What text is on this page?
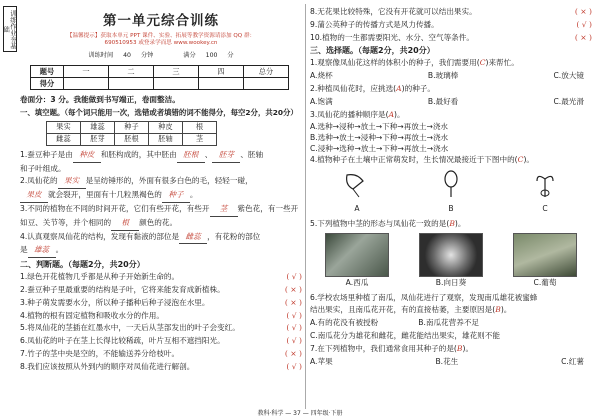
训练作业夯基础	第一单元综合训练
【温馨提示】获取本单元 PPT 课件、实验、拓展等教学资源请添加 QQ 群：
690510953 或登录学而思 www.wookey.cn
训练时间 40 分钟	满分 100 分
题号	一	二	三	四	总分
得分					
卷面分：3 分。我能做到书写端正，卷面整洁。
一、填空题。（每个词只能用一次，选错或者填错的词不能得分，每空2分，共20分）
果实	雄蕊	种子	种皮	根
雌蕊	胚芽	胚根	胚轴	茎
1.蚕豆种子是由 种皮 和胚构成的，其中胚由 胚根 、 胚芽 、胚轴
和子叶组成。
2.凤仙花的 果实 是呈纺锤形的，外面有很多白色的毛，轻轻一碰，
果皮 就会裂开，里面有十几粒黑褐色的 种子 。
3.不同的植物在不同的时间开花，它们有些开花，有些开 茎 紫色花，有一些开
如豆、关节等，并个相同的 根 颜色的花。
4.认真观察凤仙花的结构，发现有黏液的部位是 雌蕊 ，有花粉的部位
是 雄蕊 。
二、判断题。（每题2分，共20分）
1.绿色开花植物几乎都是从种子开始新生命的。	( √ )
2.蚕豆种子里最重要的结构是子叶，它将来能发育成新植株。	( × )
3.种子萌发需要水分，所以种子播种后种子浸泡在水里。	( × )
4.植物的根有固定植物和吸收水分的作用。	( √ )
5.将凤仙花的茎插在红墨水中，一天后从茎部发出的叶子会变红。	( √ )
6.凤仙花的叶子在茎上长得比较稀疏，叶片互相不遮挡阳光。	( √ )
7.竹子的茎中央是空的，不能输送养分给枝叶。	( × )
8.我们应该按照从外到内的顺序对凤仙花进行解剖。	( √ )
8.无花果比较特殊，它没有开花就可以结出果实。	( × )
9.蒲公英种子的传播方式是风力传播。	( √ )
10.植物的一生都需要阳光、水分、空气等条件。	( × )
三、选择题。（每题2分，共20分）
1.观察像凤仙花这样的体积小的种子，我们需要用(C)来帮忙。
A.烧杯	B.玻璃棒	C.放大镜
2.种植凤仙花时，应挑选(A)的种子。
A.饱满	B.最好看	C.最光滑
3.凤仙花的播种顺序是(A)。
A.选种→浸种→放土→下种→再放土→浇水
B.选种→放土→浸种→下种→再放土→浇水
C.浸种→选种→放土→下种→再放土→浇水
4.植物种子在土壤中正常萌发时，生长情况最接近于下图中的(C)。
A	B	C
5.下列植物中茎的形态与凤仙花一致的是(B)。
A.西瓜	B.向日葵	C.葡萄
6.学校农场里种植了南瓜，凤仙花进行了观察，发现南瓜雄花被蜜蜂
结出果实，且南瓜花开花，有的直接枯萎，主要原因是(B)。
A.有的花没有被授粉	B.南瓜花营养不足
C.南瓜花分为雄花和雌花，雌花能结出果实，雄花则不能
7.在下列植物中，我们通常食用其种子的是(B)。
A.苹果	B.花生	C.红薯
教科·科学 — 37 — 四年级·下册
